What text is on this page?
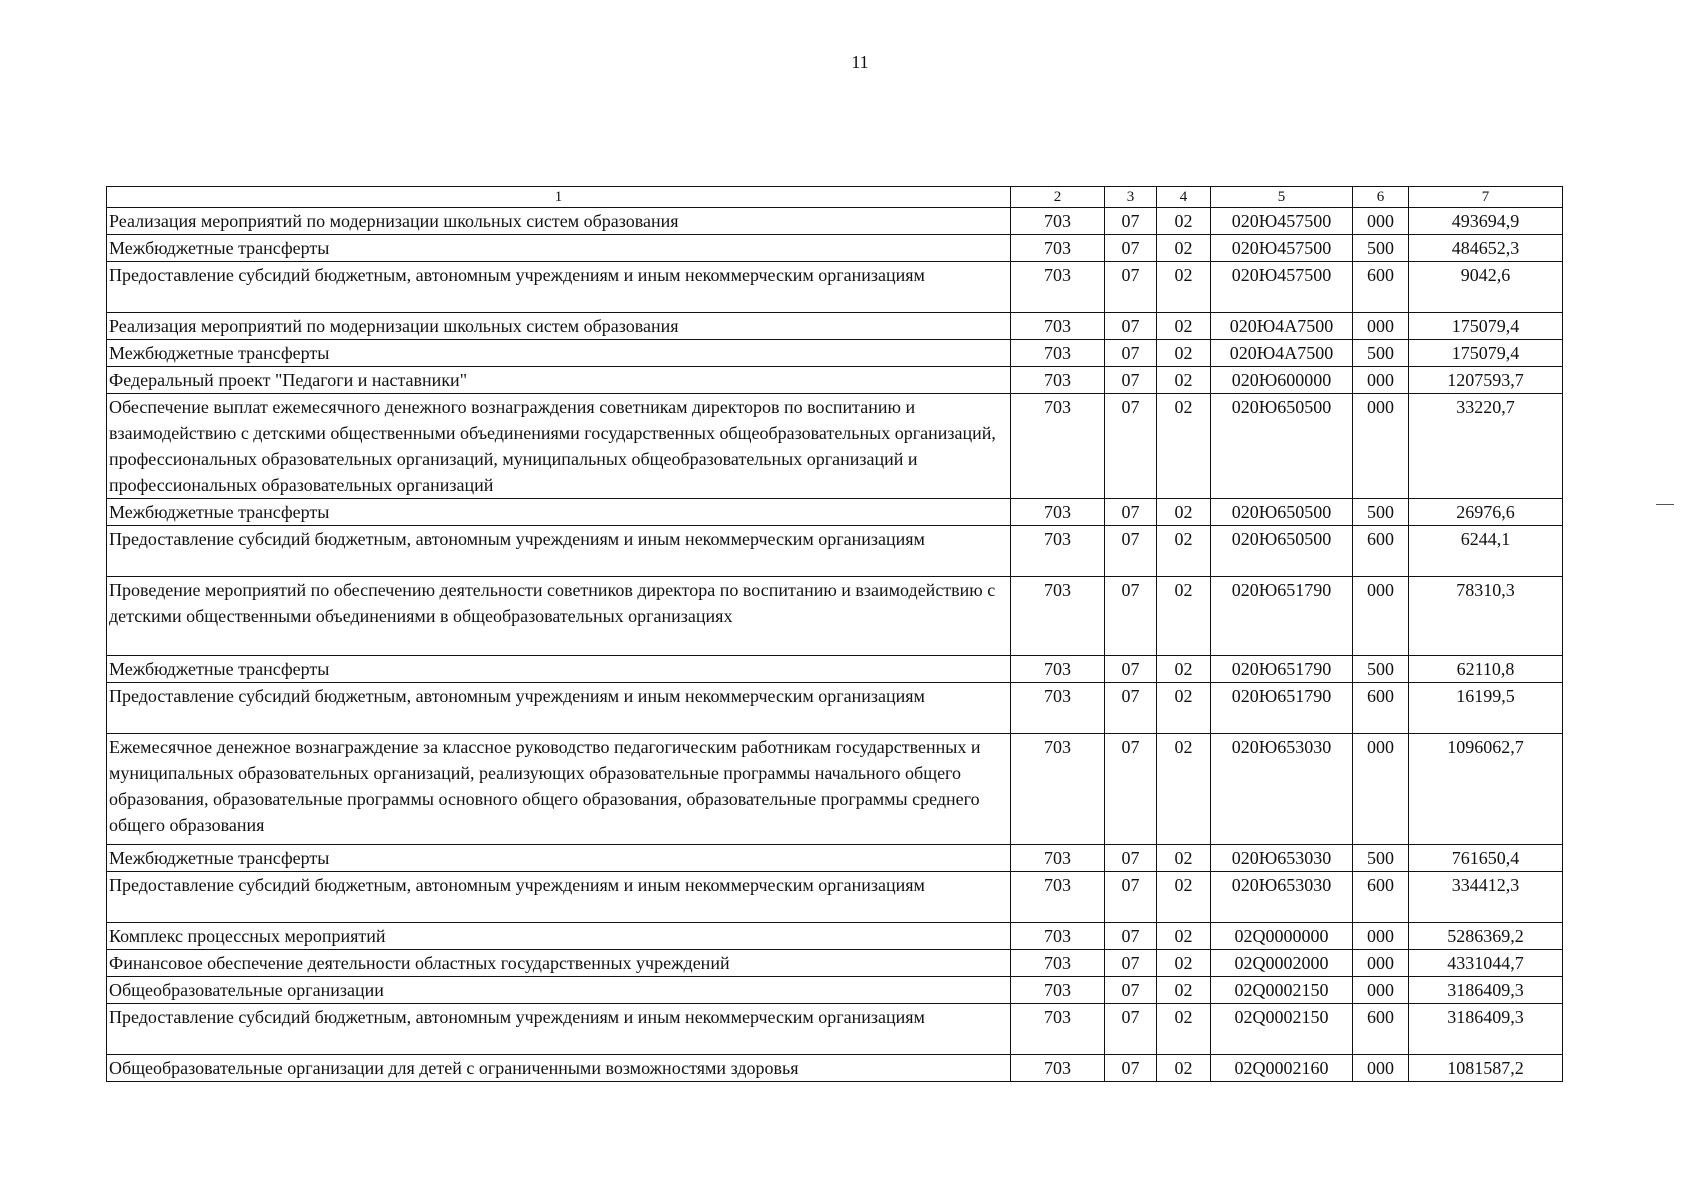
11
1	2	3	4	5	6	7
Реализация мероприятий по модернизации школьных систем образования	703	07	02	020Ю457500	000	493694,9
Межбюджетные трансферты	703	07	02	020Ю457500	500	484652,3
Предоставление субсидий бюджетным, автономным учреждениям и иным некоммерческим организациям	703	07	02	020Ю457500	600	9042,6
Реализация мероприятий по модернизации школьных систем образования	703	07	02	020Ю4А7500	000	175079,4
Межбюджетные трансферты	703	07	02	020Ю4А7500	500	175079,4
Федеральный проект "Педагоги и наставники"	703	07	02	020Ю600000	000	1207593,7
Обеспечение выплат ежемесячного денежного вознаграждения советникам директоров по воспитанию и взаимодействию с детскими общественными объединениями государственных общеобразовательных организаций, профессиональных образовательных организаций, муниципальных общеобразовательных организаций и профессиональных образовательных организаций	703	07	02	020Ю650500	000	33220,7
Межбюджетные трансферты	703	07	02	020Ю650500	500	26976,6
Предоставление субсидий бюджетным, автономным учреждениям и иным некоммерческим организациям	703	07	02	020Ю650500	600	6244,1
Проведение мероприятий по обеспечению деятельности советников директора по воспитанию и взаимодействию с детскими общественными объединениями в общеобразовательных организациях	703	07	02	020Ю651790	000	78310,3
Межбюджетные трансферты	703	07	02	020Ю651790	500	62110,8
Предоставление субсидий бюджетным, автономным учреждениям и иным некоммерческим организациям	703	07	02	020Ю651790	600	16199,5
Ежемесячное денежное вознаграждение за классное руководство педагогическим работникам государственных и муниципальных образовательных организаций, реализующих образовательные программы начального общего образования, образовательные программы основного общего образования, образовательные программы среднего общего образования	703	07	02	020Ю653030	000	1096062,7
Межбюджетные трансферты	703	07	02	020Ю653030	500	761650,4
Предоставление субсидий бюджетным, автономным учреждениям и иным некоммерческим организациям	703	07	02	020Ю653030	600	334412,3
Комплекс процессных мероприятий	703	07	02	02Q0000000	000	5286369,2
Финансовое обеспечение деятельности областных государственных учреждений	703	07	02	02Q0002000	000	4331044,7
Общеобразовательные организации	703	07	02	02Q0002150	000	3186409,3
Предоставление субсидий бюджетным, автономным учреждениям и иным некоммерческим организациям	703	07	02	02Q0002150	600	3186409,3
Общеобразовательные организации для детей с ограниченными возможностями здоровья	703	07	02	02Q0002160	000	1081587,2
